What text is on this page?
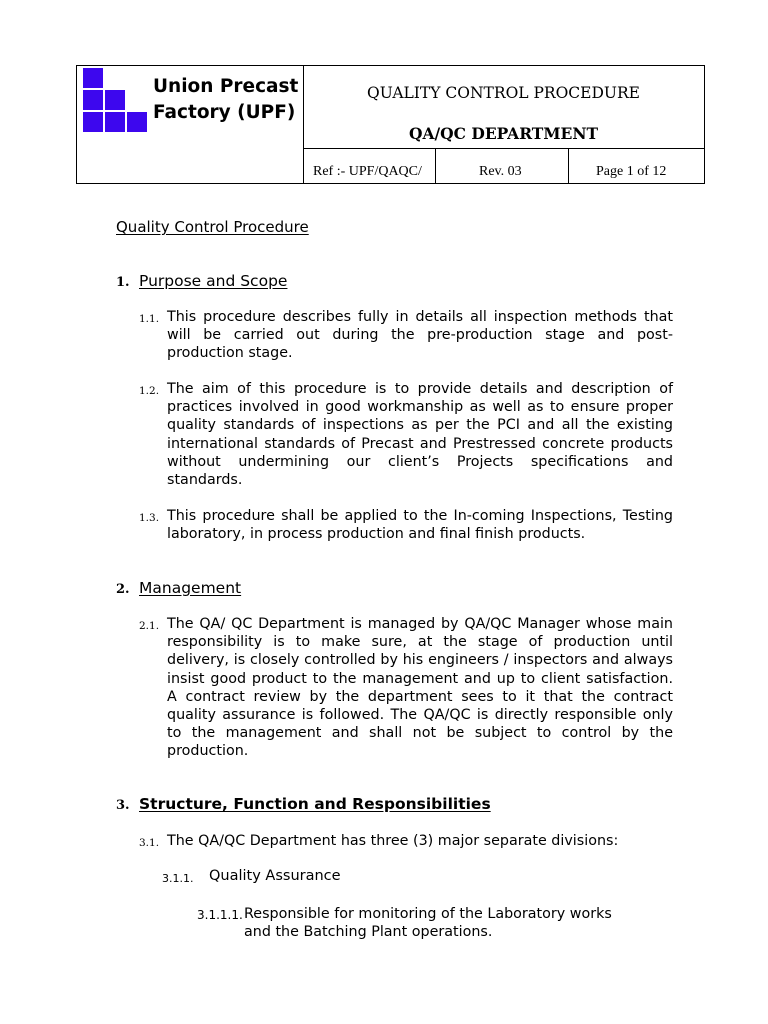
Union Precast
Factory (UPF)
QUALITY CONTROL PROCEDURE
QA/QC DEPARTMENT
Ref :- UPF/QAQC/	Rev. 03	Page 1 of 12
Quality Control Procedure
1. Purpose and Scope
1.1. This procedure describes fully in details all inspection methods that will be carried out during the pre-production stage and post-production stage.

1.2. The aim of this procedure is to provide details and description of practices involved in good workmanship as well as to ensure proper quality standards of inspections as per the PCI and all the existing international standards of Precast and Prestressed concrete products without undermining our client’s Projects specifications and standards.

1.3. This procedure shall be applied to the In-coming Inspections, Testing laboratory, in process production and final finish products.

2. Management
2.1. The QA/ QC Department is managed by QA/QC Manager whose main responsibility is to make sure, at the stage of production until delivery, is closely controlled by his engineers / inspectors and always insist good product to the management and up to client satisfaction. A contract review by the department sees to it that the contract quality assurance is followed. The QA/QC is directly responsible only to the management and shall not be subject to control by the production.

3. Structure, Function and Responsibilities
3.1. The QA/QC Department has three (3) major separate divisions:

3.1.1. Quality Assurance
3.1.1.1. Responsible for monitoring of the Laboratory works
and the Batching Plant operations.
